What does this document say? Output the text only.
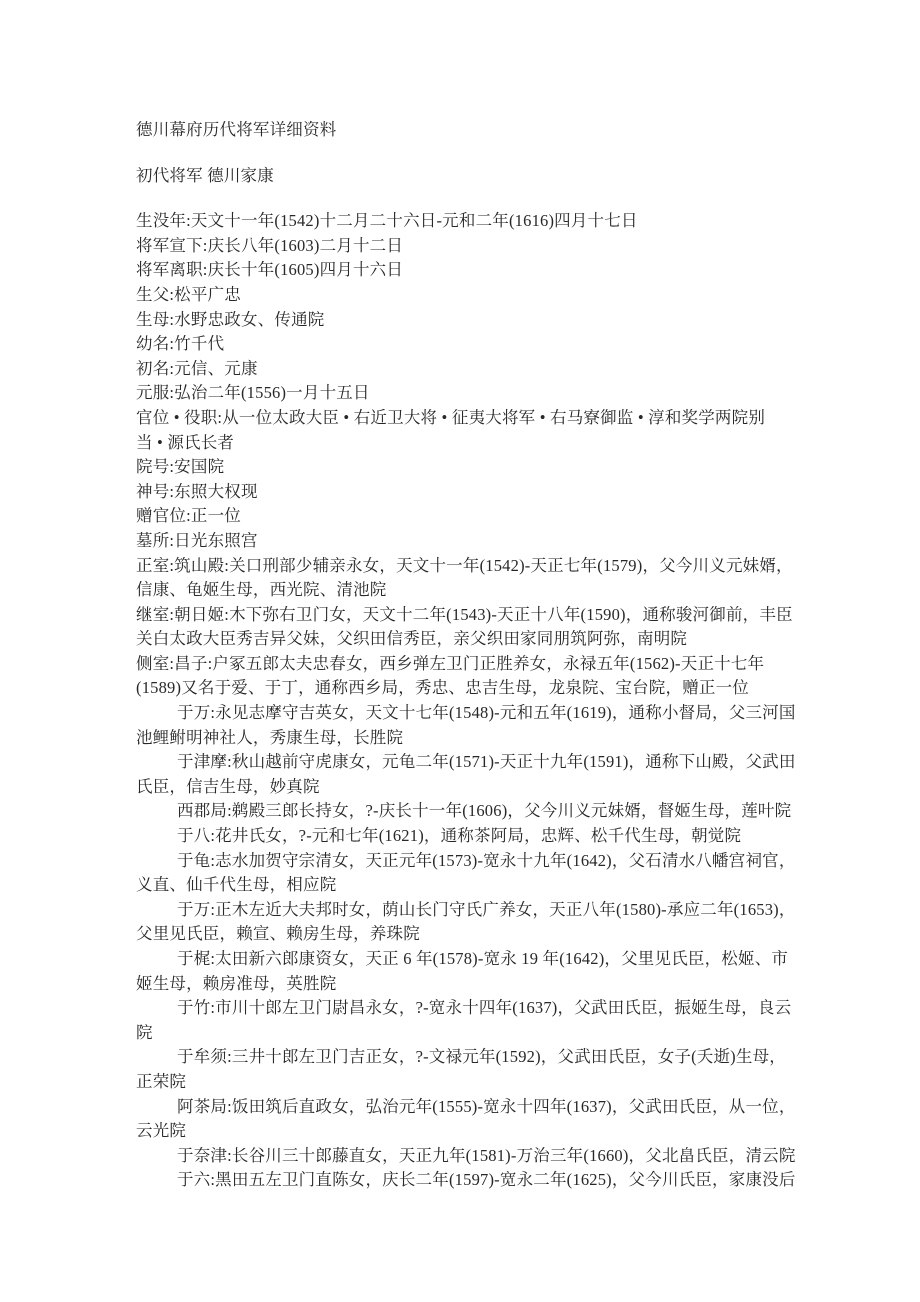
德川幕府历代将军详细资料
初代将军 德川家康
生没年:天文十一年(1542)十二月二十六日-元和二年(1616)四月十七日
将军宣下:庆长八年(1603)二月十二日
将军离职:庆长十年(1605)四月十六日
生父:松平广忠
生母:水野忠政女、传通院
幼名:竹千代
初名:元信、元康
元服:弘治二年(1556)一月十五日
官位 • 役职:从一位太政大臣 • 右近卫大将 • 征夷大将军 • 右马寮御监 • 淳和奖学两院别
当 • 源氏长者
院号:安国院
神号:东照大权现
赠官位:正一位
墓所:日光东照宫
正室:筑山殿:关口刑部少辅亲永女，天文十一年(1542)-天正七年(1579)，父今川义元妹婿，
信康、龟姬生母，西光院、清池院
继室:朝日姬:木下弥右卫门女，天文十二年(1543)-天正十八年(1590)，通称骏河御前，丰臣
关白太政大臣秀吉异父妹，父织田信秀臣，亲父织田家同朋筑阿弥，南明院
侧室:昌子:户冢五郎太夫忠春女，西乡弹左卫门正胜养女，永禄五年(1562)-天正十七年
(1589)又名于爱、于丁，通称西乡局，秀忠、忠吉生母，龙泉院、宝台院，赠正一位
于万:永见志摩守吉英女，天文十七年(1548)-元和五年(1619)，通称小督局，父三河国
池鲤鲋明神社人，秀康生母，长胜院
于津摩:秋山越前守虎康女，元龟二年(1571)-天正十九年(1591)，通称下山殿，父武田
氏臣，信吉生母，妙真院
西郡局:鹈殿三郎长持女，?-庆长十一年(1606)，父今川义元妹婿，督姬生母，莲叶院
于八:花井氏女，?-元和七年(1621)，通称茶阿局，忠辉、松千代生母，朝觉院
于龟:志水加贺守宗清女，天正元年(1573)-宽永十九年(1642)，父石清水八幡宫祠官，
义直、仙千代生母，相应院
于万:正木左近大夫邦时女，荫山长门守氏广养女，天正八年(1580)-承应二年(1653)，
父里见氏臣，赖宣、赖房生母，养珠院
于梶:太田新六郎康资女，天正 6 年(1578)-宽永 19 年(1642)，父里见氏臣，松姬、市
姬生母，赖房准母，英胜院
于竹:市川十郎左卫门尉昌永女，?-宽永十四年(1637)，父武田氏臣，振姬生母，良云
院
于牟须:三井十郎左卫门吉正女，?-文禄元年(1592)，父武田氏臣，女子(夭逝)生母，
正荣院
阿茶局:饭田筑后直政女，弘治元年(1555)-宽永十四年(1637)，父武田氏臣，从一位，
云光院
于奈津:长谷川三十郎藤直女，天正九年(1581)-万治三年(1660)，父北畠氏臣，清云院
于六:黑田五左卫门直陈女，庆长二年(1597)-宽永二年(1625)，父今川氏臣，家康没后
